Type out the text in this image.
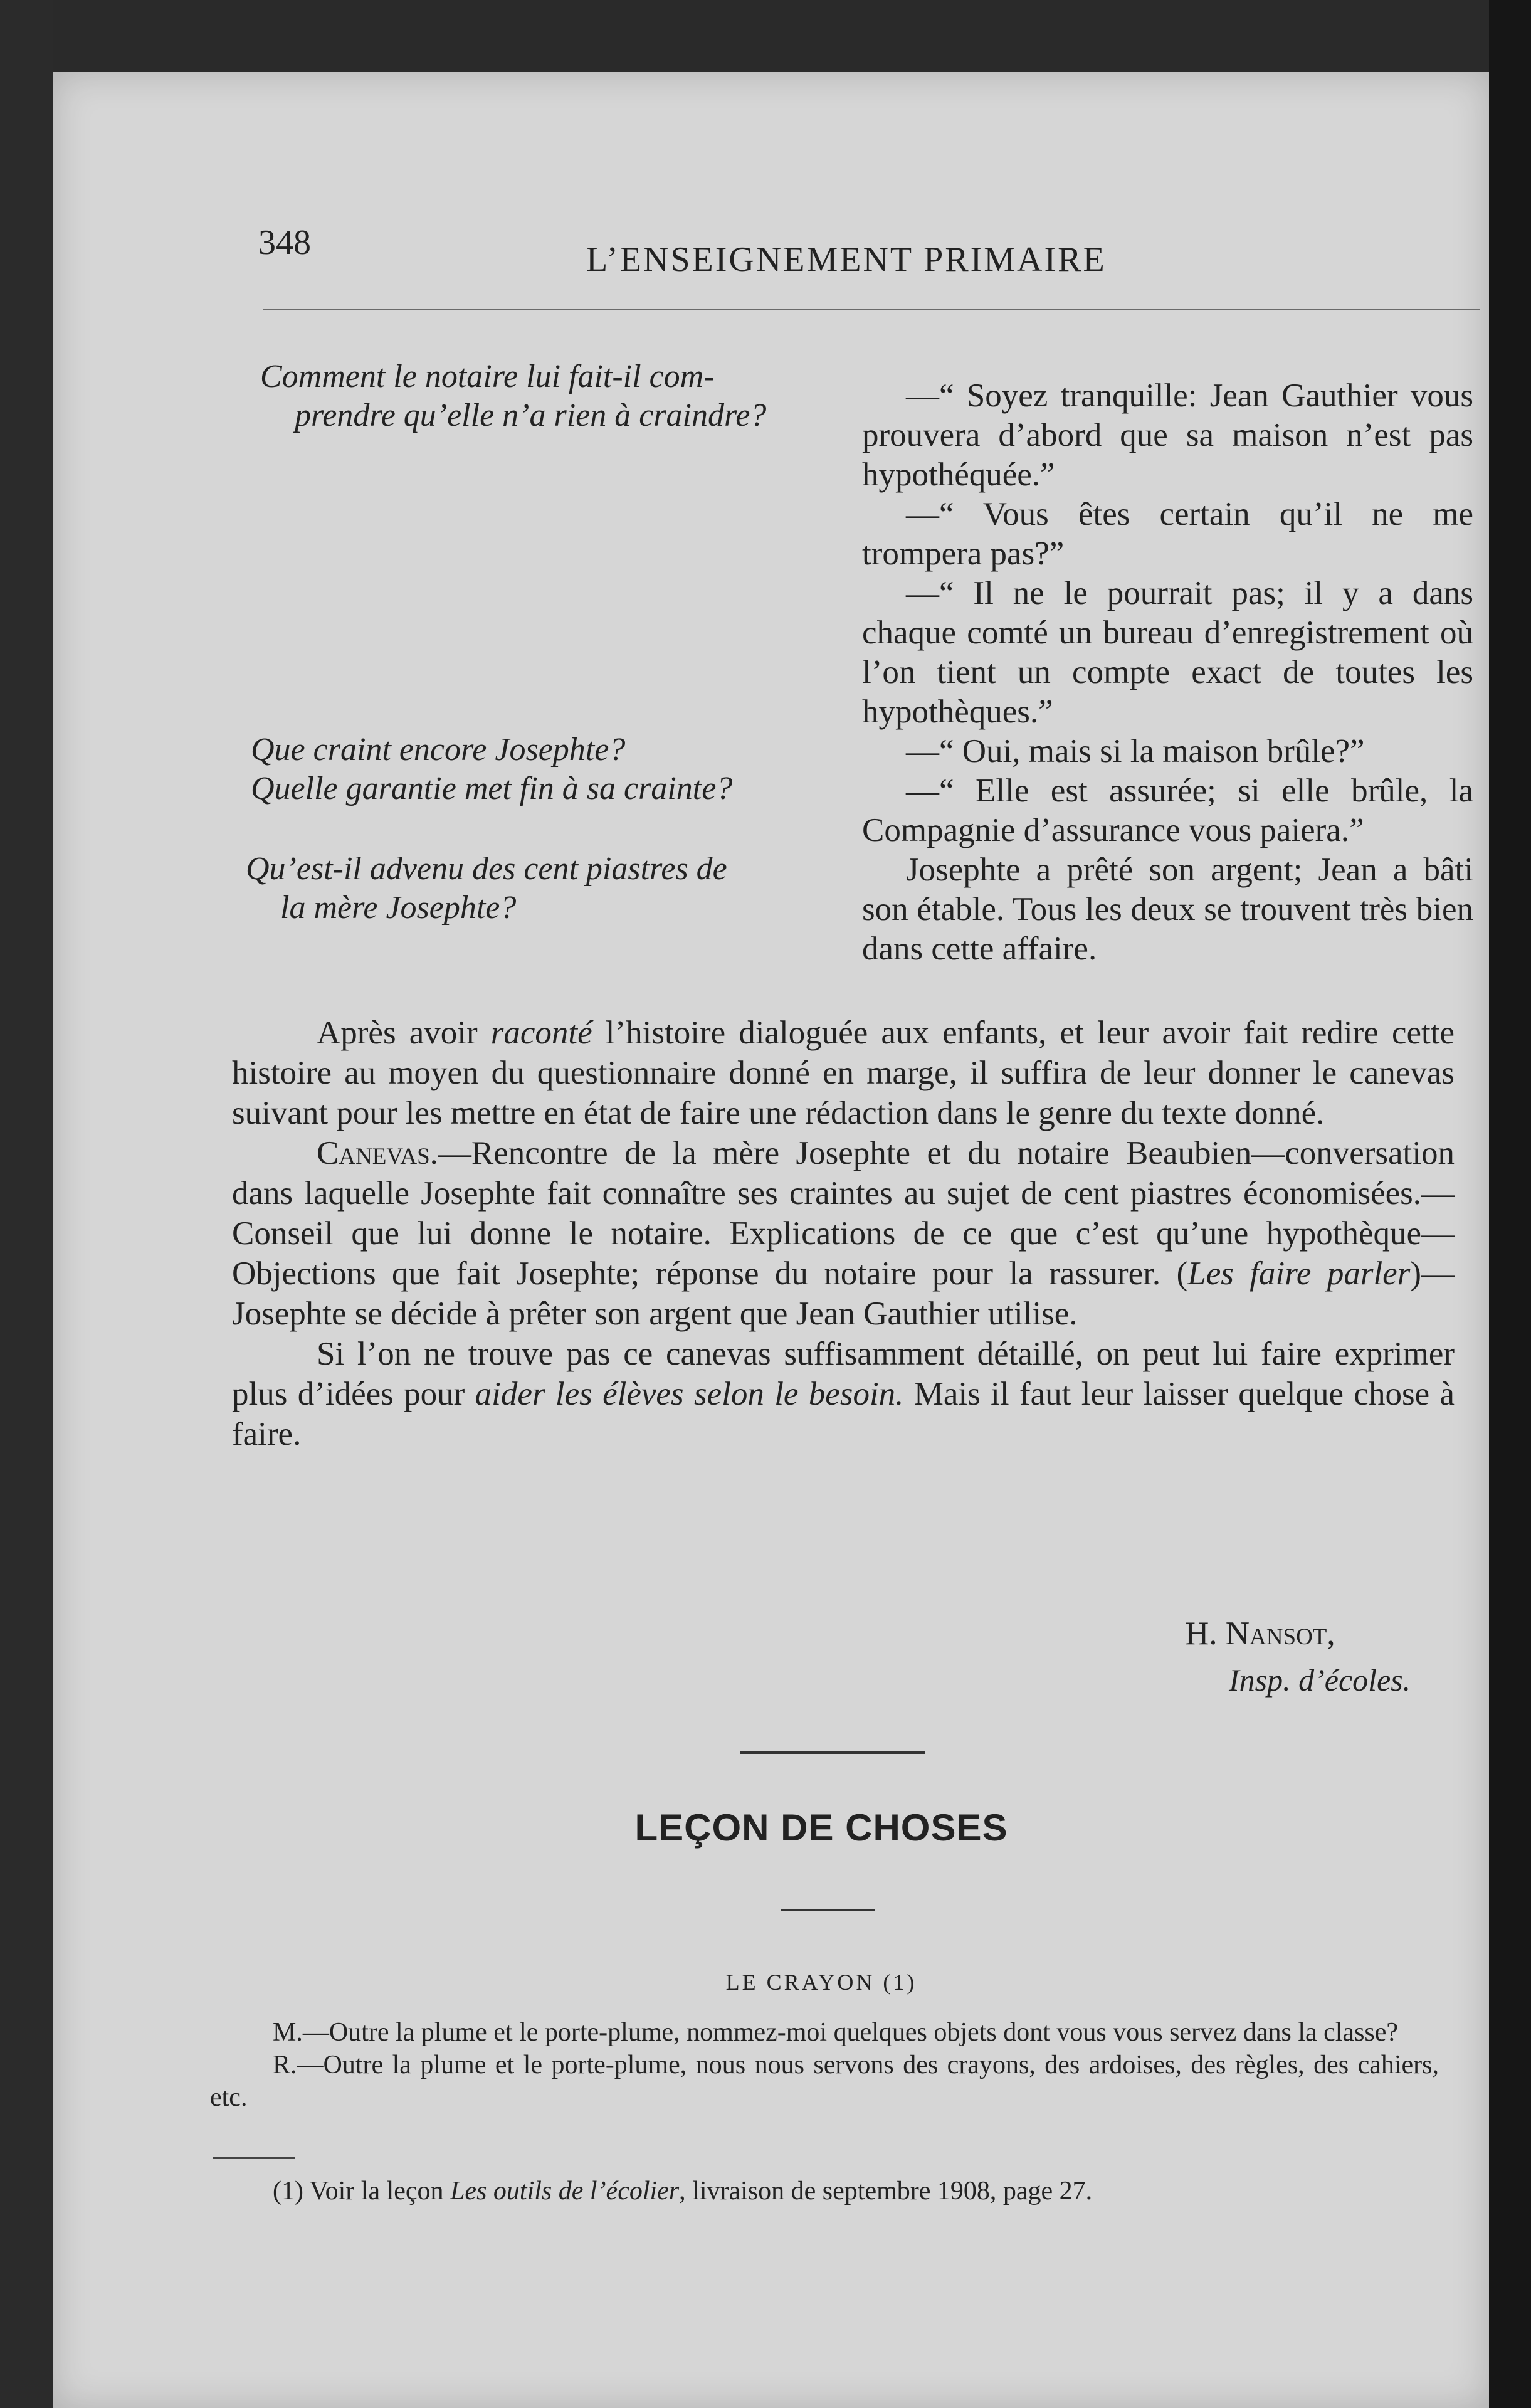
348	L’ENSEIGNEMENT PRIMAIRE
Comment le notaire lui fait-il com-
prendre qu’elle n’a rien à craindre?
Que craint encore Josephte?
Quelle garantie met fin à sa crainte?
Qu’est-il advenu des cent piastres de
la mère Josephte?

—“ Soyez tranquille: Jean Gauthier vous prouvera d’abord que sa maison n’est pas hypothéquée.”

—“ Vous êtes certain qu’il ne me trompera pas?”

—“ Il ne le pourrait pas; il y a dans chaque comté un bureau d’enregistrement où l’on tient un compte exact de toutes les hypothèques.”

—“ Oui, mais si la maison brûle?”

—“ Elle est assurée; si elle brûle, la Compagnie d’assurance vous paiera.”

Josephte a prêté son argent; Jean a bâti son étable. Tous les deux se trouvent très bien dans cette affaire.

Après avoir raconté l’histoire dialoguée aux enfants, et leur avoir fait redire cette histoire au moyen du questionnaire donné en marge, il suffira de leur donner le canevas suivant pour les mettre en état de faire une rédaction dans le genre du texte donné.

Canevas.—Rencontre de la mère Josephte et du notaire Beaubien—conversation dans laquelle Josephte fait connaître ses craintes au sujet de cent piastres économisées.—Conseil que lui donne le notaire. Explications de ce que c’est qu’une hypothèque—Objections que fait Josephte; réponse du notaire pour la rassurer. (Les faire parler)—Josephte se décide à prêter son argent que Jean Gauthier utilise.

Si l’on ne trouve pas ce canevas suffisamment détaillé, on peut lui faire exprimer plus d’idées pour aider les élèves selon le besoin. Mais il faut leur laisser quelque chose à faire.

H. Nansot,
Insp. d’écoles.
LEÇON DE CHOSES
LE CRAYON (1)

M.—Outre la plume et le porte-plume, nommez-moi quelques objets dont vous vous servez dans la classe?

R.—Outre la plume et le porte-plume, nous nous servons des crayons, des ardoises, des règles, des cahiers, etc.

(1) Voir la leçon Les outils de l’écolier, livraison de septembre 1908, page 27.
